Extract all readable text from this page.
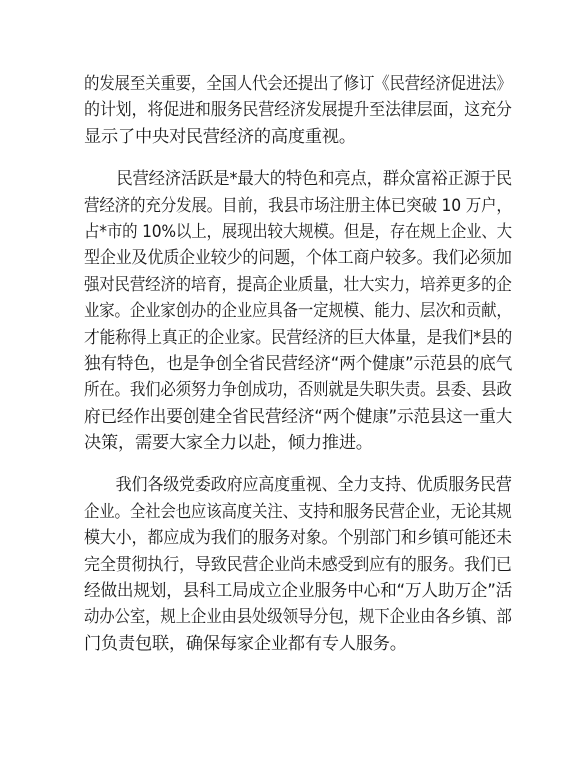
的发展至关重要，全国人代会还提出了修订《民营经济促进法》
的计划，将促进和服务民营经济发展提升至法律层面，这充分
显示了中央对民营经济的高度重视。
　　民营经济活跃是*最大的特色和亮点，群众富裕正源于民
营经济的充分发展。目前，我县市场注册主体已突破 10 万户，
占*市的 10%以上，展现出较大规模。但是，存在规上企业、大
型企业及优质企业较少的问题，个体工商户较多。我们必须加
强对民营经济的培育，提高企业质量，壮大实力，培养更多的企
业家。企业家创办的企业应具备一定规模、能力、层次和贡献，
才能称得上真正的企业家。民营经济的巨大体量，是我们*县的
独有特色，也是争创全省民营经济“两个健康”示范县的底气
所在。我们必须努力争创成功，否则就是失职失责。县委、县政
府已经作出要创建全省民营经济“两个健康”示范县这一重大
决策，需要大家全力以赴，倾力推进。
　　我们各级党委政府应高度重视、全力支持、优质服务民营
企业。全社会也应该高度关注、支持和服务民营企业，无论其规
模大小，都应成为我们的服务对象。个别部门和乡镇可能还未
完全贯彻执行，导致民营企业尚未感受到应有的服务。我们已
经做出规划，县科工局成立企业服务中心和“万人助万企”活
动办公室，规上企业由县处级领导分包，规下企业由各乡镇、部
门负责包联，确保每家企业都有专人服务。
